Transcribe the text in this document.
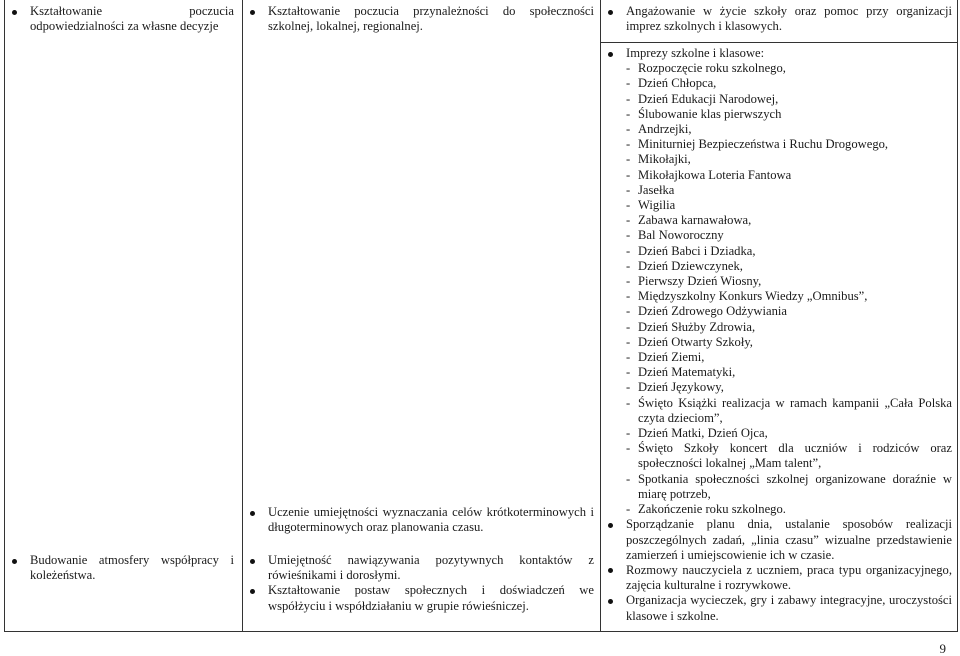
Kształtowanie poczucia odpowiedzialności za własne decyzje
Budowanie atmosfery współpracy i koleżeństwa.
Kształtowanie poczucia przynależności do społeczności szkolnej, lokalnej, regionalnej.
Uczenie umiejętności wyznaczania celów krótkoterminowych i długoterminowych oraz planowania czasu.
Umiejętność nawiązywania pozytywnych kontaktów z rówieśnikami i dorosłymi.
Kształtowanie postaw społecznych i doświadczeń we współżyciu i współdziałaniu w grupie rówieśniczej.
Angażowanie w życie szkoły oraz pomoc przy organizacji imprez szkolnych i klasowych.
Imprezy szkolne i klasowe:
- Rozpoczęcie roku szkolnego,
- Dzień Chłopca,
- Dzień Edukacji Narodowej,
- Ślubowanie klas pierwszych
- Andrzejki,
- Miniturniej Bezpieczeństwa i Ruchu Drogowego,
- Mikołajki,
- Mikołajkowa Loteria Fantowa
- Jasełka
- Wigilia
- Zabawa karnawałowa,
- Bal Noworoczny
- Dzień Babci i Dziadka,
- Dzień Dziewczynek,
- Pierwszy Dzień Wiosny,
- Międzyszkolny Konkurs Wiedzy „Omnibus”,
- Dzień Zdrowego Odżywiania
- Dzień Służby Zdrowia,
- Dzień Otwarty Szkoły,
- Dzień Ziemi,
- Dzień Matematyki,
- Dzień Językowy,
- Święto Książki realizacja w ramach kampanii „Cała Polska czyta dzieciom”,
- Dzień Matki, Dzień Ojca,
- Święto Szkoły koncert dla uczniów i rodziców oraz społeczności lokalnej „Mam talent”,
- Spotkania społeczności szkolnej organizowane doraźnie w miarę potrzeb,
- Zakończenie roku szkolnego.
Sporządzanie planu dnia, ustalanie sposobów realizacji poszczególnych zadań, „linia czasu” wizualne przedstawienie zamierzeń i umiejscowienie ich w czasie.
Rozmowy nauczyciela z uczniem, praca typu organizacyjnego, zajęcia kulturalne i rozrywkowe.
Organizacja wycieczek, gry i zabawy integracyjne, uroczystości klasowe i szkolne.
9
